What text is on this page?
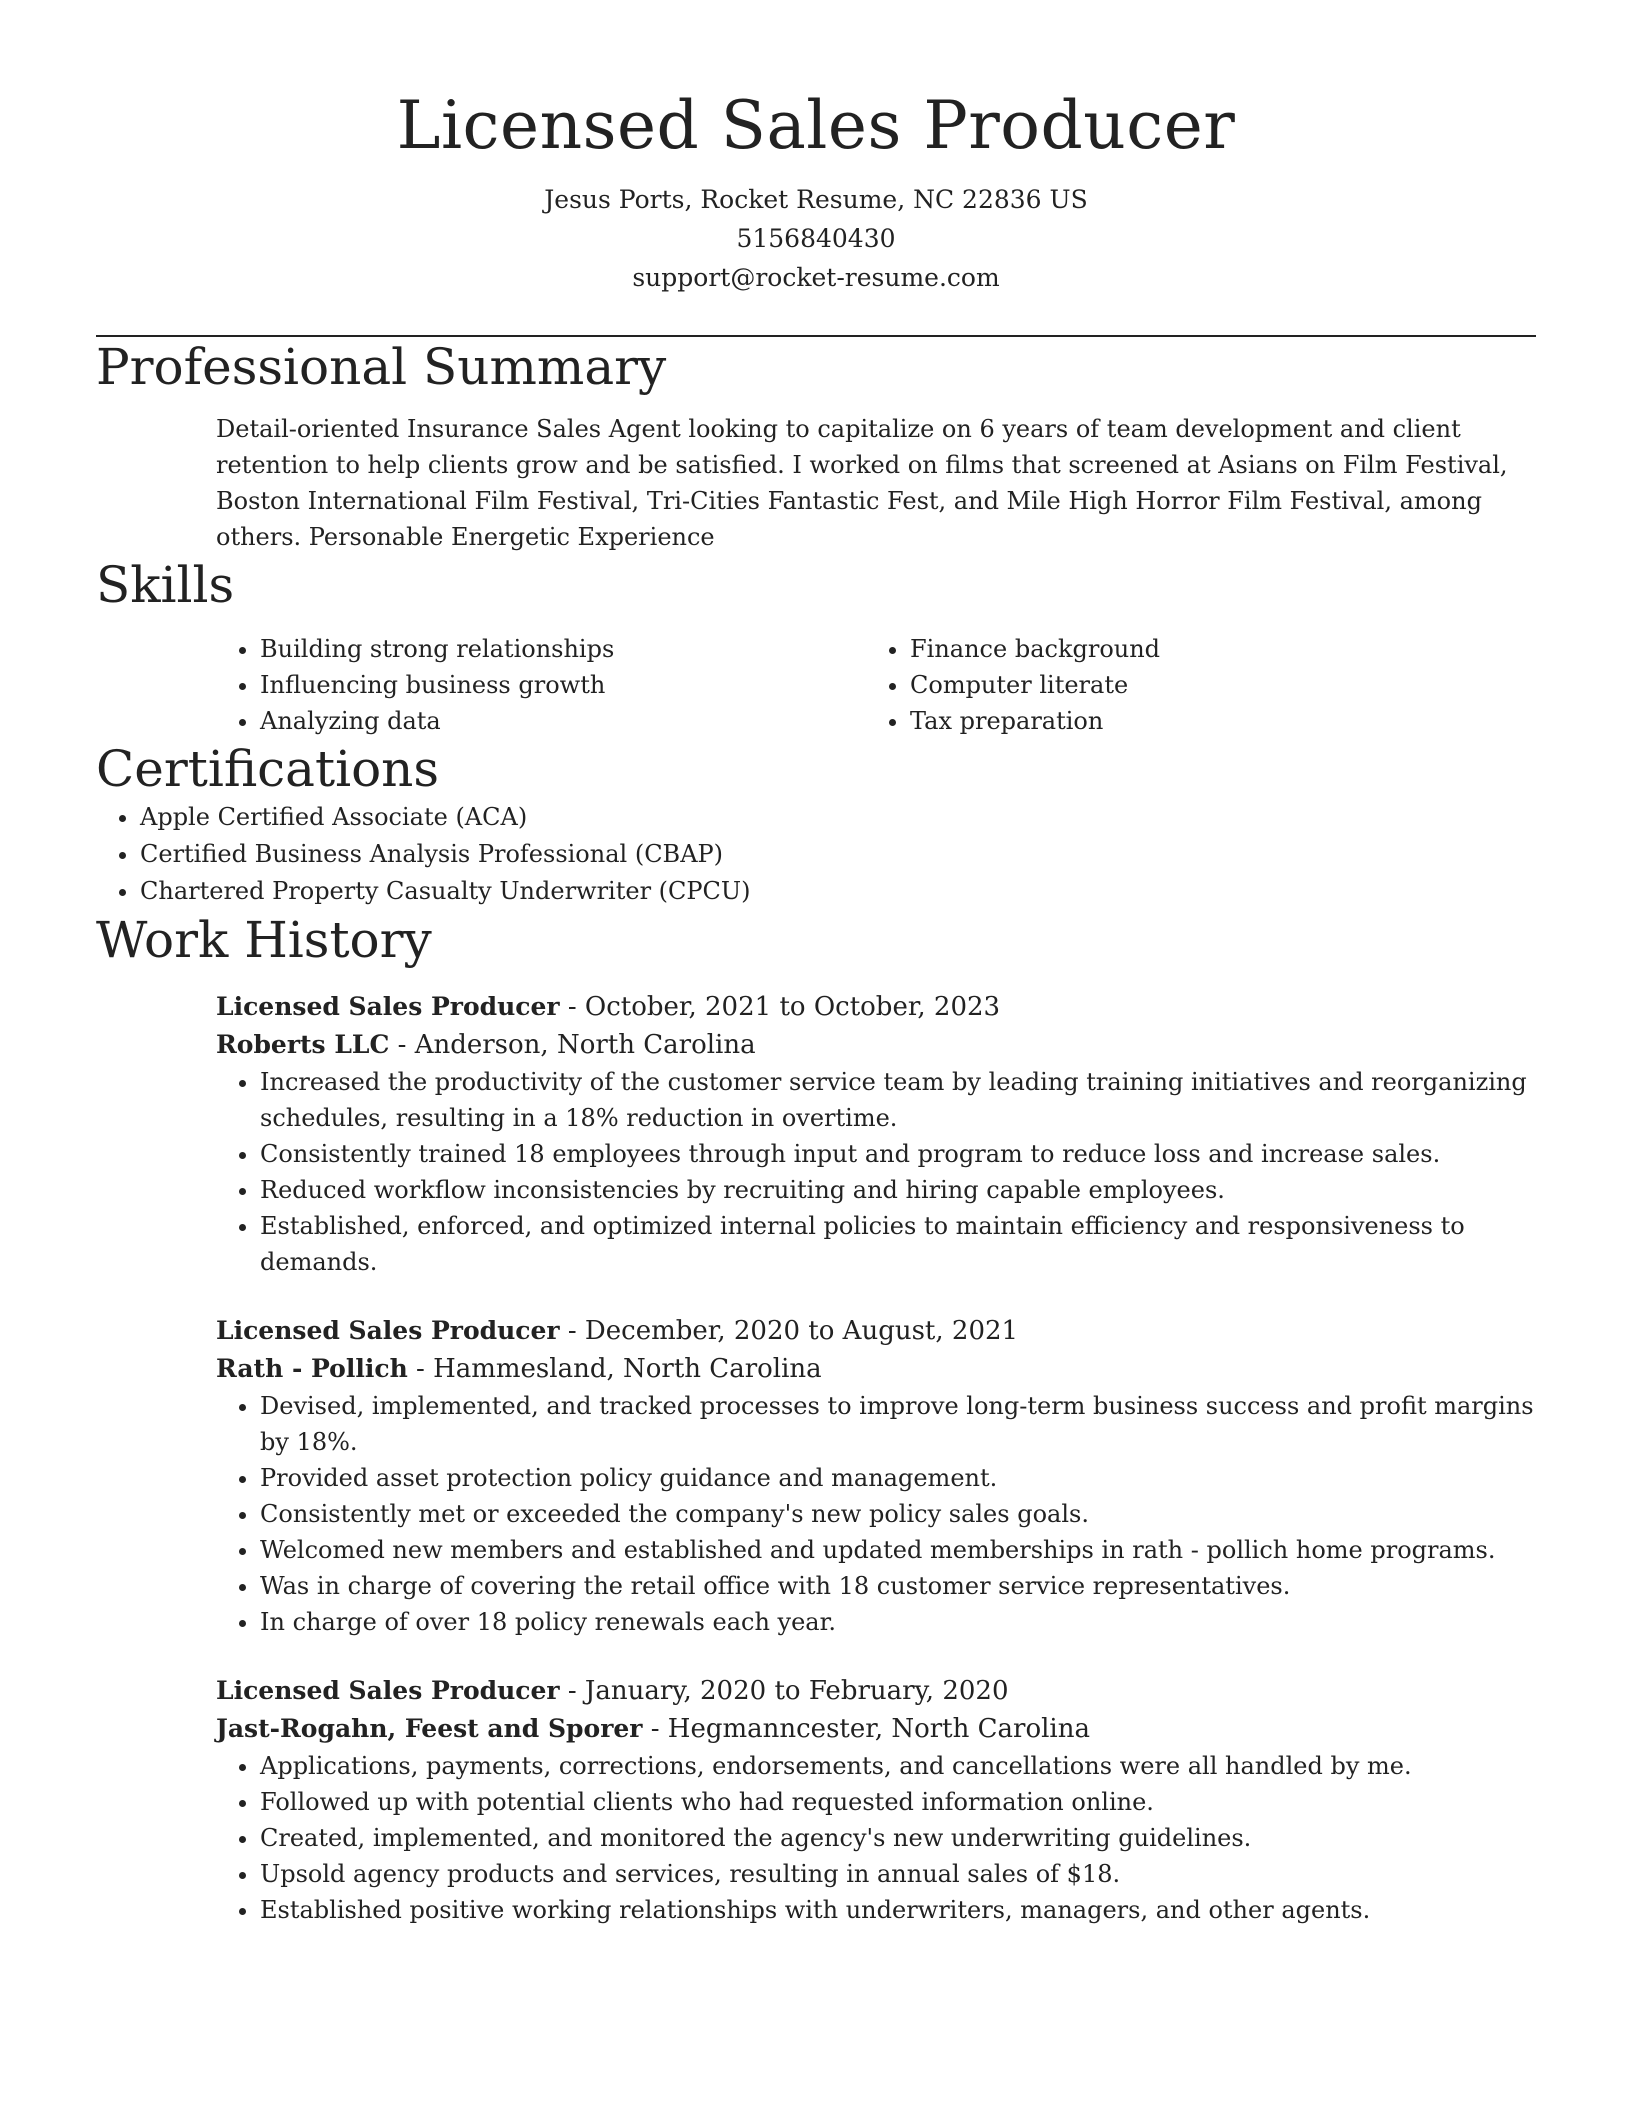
Licensed Sales Producer
Jesus Ports, Rocket Resume, NC 22836 US
5156840430
support@rocket-resume.com
Professional Summary
Detail-oriented Insurance Sales Agent looking to capitalize on 6 years of team development and client retention to help clients grow and be satisfied. I worked on films that screened at Asians on Film Festival, Boston International Film Festival, Tri-Cities Fantastic Fest, and Mile High Horror Film Festival, among others. Personable Energetic Experience
Skills
• Building strong relationships
• Influencing business growth
• Analyzing data
• Finance background
• Computer literate
• Tax preparation
Certifications
• Apple Certified Associate (ACA)
• Certified Business Analysis Professional (CBAP)
• Chartered Property Casualty Underwriter (CPCU)
Work History
Licensed Sales Producer - October, 2021 to October, 2023
Roberts LLC - Anderson, North Carolina
• Increased the productivity of the customer service team by leading training initiatives and reorganizing schedules, resulting in a 18% reduction in overtime.
• Consistently trained 18 employees through input and program to reduce loss and increase sales.
• Reduced workflow inconsistencies by recruiting and hiring capable employees.
• Established, enforced, and optimized internal policies to maintain efficiency and responsiveness to demands.
Licensed Sales Producer - December, 2020 to August, 2021
Rath - Pollich - Hammesland, North Carolina
• Devised, implemented, and tracked processes to improve long-term business success and profit margins by 18%.
• Provided asset protection policy guidance and management.
• Consistently met or exceeded the company's new policy sales goals.
• Welcomed new members and established and updated memberships in rath - pollich home programs.
• Was in charge of covering the retail office with 18 customer service representatives.
• In charge of over 18 policy renewals each year.
Licensed Sales Producer - January, 2020 to February, 2020
Jast-Rogahn, Feest and Sporer - Hegmanncester, North Carolina
• Applications, payments, corrections, endorsements, and cancellations were all handled by me.
• Followed up with potential clients who had requested information online.
• Created, implemented, and monitored the agency's new underwriting guidelines.
• Upsold agency products and services, resulting in annual sales of $18.
• Established positive working relationships with underwriters, managers, and other agents.
